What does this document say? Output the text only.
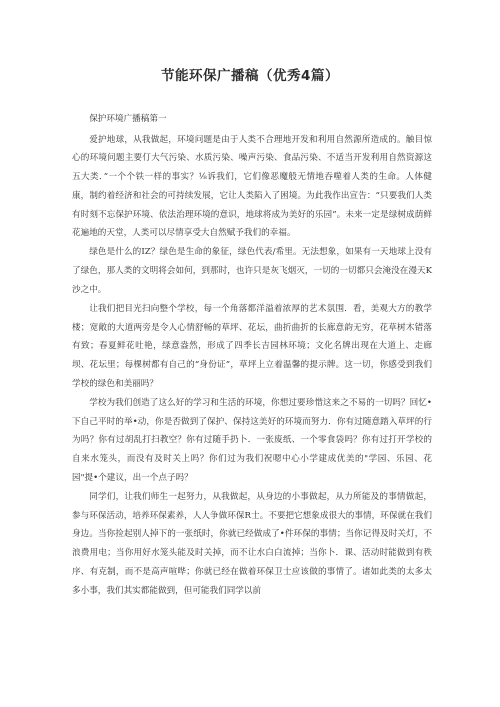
节能环保广播稿（优秀4篇）

保护环境广播稿第一

爱护地球，从我做起，环境问题是由于人类不合理地开发和利用自然源所造成的。触目惊心的环境问题主要仃大气污染、水质污染、噪声污染、食品污染、不适当开发利用自然资源这五大类．”一个个铁一样的事实？⅛诉我们，它们像恶魔般无情地吞噬着人类的生命。人体健康，制约着经济和社会的可持续发展，它让人类陷入了困境。为此我作出宣告：“只要我们人类有时刻不忘保护环境、依法治理环境的意识，地球将成为美好的乐园”。未来一定是绿树成荫鲜花遍地的天堂，人类可以尽情享受大自然赋予我们的幸福。

绿色是什么的IZ？绿色是生命的象征，绿色代表/希里。无法想象，如果有一天地球上没有了绿色，那人类的文明将会如何，到那时，也许只是灰飞烟灭，一切的一切都只会淹没在漫天K沙之中。

让我们把目光扫向整个学校，每一个角落都洋溢着浓厚的艺术氛围．看，美观大方的教学楼；宽敞的大道两旁是令人心情舒畅的草坪、花坛，曲折曲折的长廊意韵无穷，花草树木错落有致；春夏鲜花吐艳，绿意盎然，形成了四季长吉园林环境；文化名牌出现在大道上、走廊坝、花坛里；每棵树都有自己的“身份证”，草坪上立着温馨的提示牌。这一切，你感受到我们学校的绿色和美丽吗？

学校为我们创造了这么好的学习和生活的环境，你想过要珍惜这来之不易的一切吗？回忆•下自己平时的举•动，你是否做到了保护、保持这美好的环境而努力．你有过随意踏入草坪的行为吗？你有过胡乱打扫教空？你有过随手扔卜．一张废纸、一个零食袋吗？你有过打开学校的自来水笼头，而没有及时关上吗？你们过为我们祝嗯中心小学建成优美的"学园、乐园、花园"提•个建议，出一个点子吗？

同学们，让我们师生一起努力，从我做起，从身边的小事做起，从力所能及的事情做起，参与环保活动，培养环保素养，人人争做环保R士。不要把它想象成很大的事情，环保就在我们身边。当你捡起别人掉下的一张纸时，你就已经做成了•件环保的事情；当你记得及时关灯，不浪费用电；当你用好水笼头能及时关掉，而不让水白白流掉；当你卜．课、活动时能做到有秩序、有克制，而不是高声喧哗；你就已经在做着环保卫士应该做的事情了。诸如此类的太多太多小事，我们其实都能做到，但可能我们同学以前
